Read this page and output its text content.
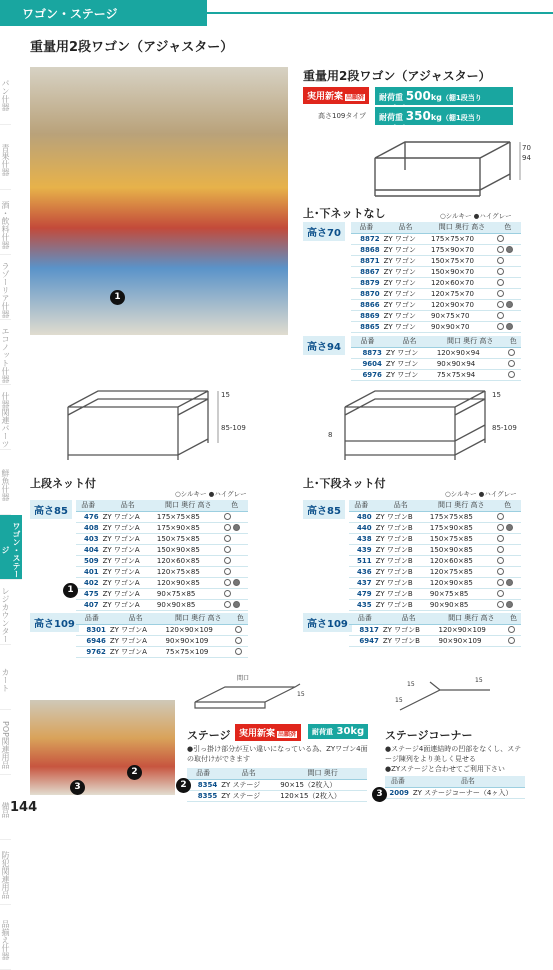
ワゴン・ステージ
重量用2段ワゴン（アジャスター）
パン什器
青果什器
酒・飲料什器
ラゾーリア什器
エコノット什器
什器関連パーツ
鮮魚什器
ワゴン・ステージ
レジカウンター
カート
POP関連用品
備品
防犯関連用品
品揃え什器
1
重量用2段ワゴン（アジャスター）
実用新案 出願済	耐荷重 500kg（棚1段当り
高さ109タイプ	耐荷重 350kg（棚1段当り300kg）
70
94
上･下ネットなし	○シルキー ●ハイグレー
高さ70
品番	品名	間口 奥行 高さ	色
8872	ZY ワゴン	175×75×70	
8868	ZY ワゴン	175×90×70	
8871	ZY ワゴン	150×75×70	
8867	ZY ワゴン	150×90×70	
8879	ZY ワゴン	120×60×70	
8870	ZY ワゴン	120×75×70	
8866	ZY ワゴン	120×90×70	
8869	ZY ワゴン	90×75×70	
8865	ZY ワゴン	90×90×70	
高さ94
品番	品名	間口 奥行 高さ	色
8873	ZY ワゴン	120×90×94	
9604	ZY ワゴン	90×90×94	
6976	ZY ワゴン	75×75×94	
15
85-109
上段ネット付
○シルキー ●ハイグレー
高さ85
品番	品名	間口 奥行 高さ	色
476	ZY ワゴンA	175×75×85	
408	ZY ワゴンA	175×90×85	
403	ZY ワゴンA	150×75×85	
404	ZY ワゴンA	150×90×85	
509	ZY ワゴンA	120×60×85	
401	ZY ワゴンA	120×75×85	
402	ZY ワゴンA	120×90×85	
475	ZY ワゴンA	90×75×85	
407	ZY ワゴンA	90×90×85	
1
高さ109
品番	品名	間口 奥行 高さ	色
8301	ZY ワゴンA	120×90×109	
6946	ZY ワゴンA	90×90×109	
9762	ZY ワゴンA	75×75×109	
8
15
85-109
上･下段ネット付
○シルキー ●ハイグレー
高さ85
品番	品名	間口 奥行 高さ	色
480	ZY ワゴンB	175×75×85	
440	ZY ワゴンB	175×90×85	
438	ZY ワゴンB	150×75×85	
439	ZY ワゴンB	150×90×85	
511	ZY ワゴンB	120×60×85	
436	ZY ワゴンB	120×75×85	
437	ZY ワゴンB	120×90×85	
479	ZY ワゴンB	90×75×85	
435	ZY ワゴンB	90×90×85	
高さ109
品番	品名	間口 奥行 高さ	色
8317	ZY ワゴンB	120×90×109	
6947	ZY ワゴンB	90×90×109	
3
2
間口
15
ステージ 実用新案 出願済	耐荷重 30kg
●引っ掛け部分が互い違いになっている為、ZYワゴン4面の取付けができます
品番	品名	間口 奥行
8354	ZY ステージ	90×15（2枚入）
8355	ZY ステージ	120×15（2枚入）
2
15
15
15
ステージコーナー
●ステージ4面連結時の凹部をなくし、ステージ陳列をより美しく見せる
●ZYステージと合わせてご利用下さい
品番	品名
2009	ZY ステージコーナー（4ヶ入）
3
144
